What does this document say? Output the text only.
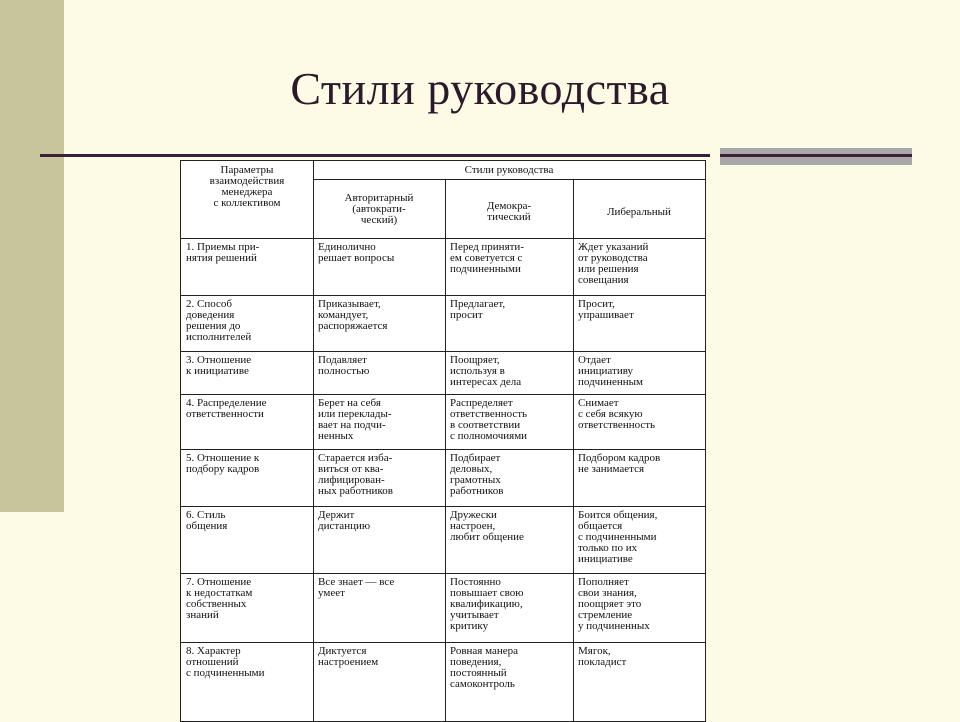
Стили руководства
Параметры
взаимодействия
менеджера
с коллективом
Стили руководства
Авторитарный
(автократи-
ческий)
Демокра-
тический	Либеральный
1. Приемы при-
нятия решений
Единолично
решает вопросы
Перед приняти-
ем советуется с
подчиненными
Ждет указаний
от руководства
или решения
совещания
2. Способ
доведения
решения до
исполнителей
Приказывает,
командует,
распоряжается
Предлагает,
просит
Просит,
упрашивает
3. Отношение
к инициативе
Подавляет
полностью
Поощряет,
используя в
интересах дела
Отдает
инициативу
подчиненным
4. Распределение
ответственности
Берет на себя
или переклады-
вает на подчи-
ненных
Распределяет
ответственность
в соответствии
с полномочиями
Снимает
с себя всякую
ответственность
5. Отношение к
подбору кадров
Старается избa-
виться от ква-
лифицирован-
ных работников
Подбирает
деловых,
грамотных
работников
Подбором кадров
не занимается
6. Стиль
общения
Держит
дистанцию
Дружески
настроен,
любит общение
Боится общения,
общается
с подчиненными
только по их
инициативе
7. Отношение
к недостаткам
собственных
знаний
Все знает — все
умеет
Постоянно
повышает свою
квалификацию,
учитывает
критику
Пополняет
свои знания,
поощряет это
стремление
у подчиненных
8. Характер
отношений
с подчиненными
Диктуется
настроением
Ровная манера
поведения,
постоянный
самоконтроль
Мягок,
покладист
